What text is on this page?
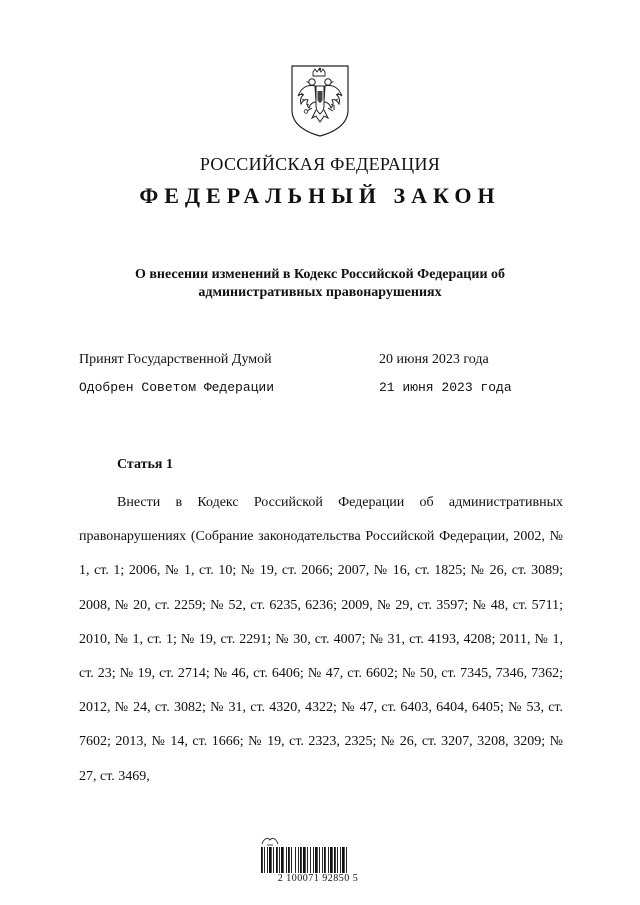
РОССИЙСКАЯ ФЕДЕРАЦИЯ
ФЕДЕРАЛЬНЫЙ ЗАКОН
О внесении изменений в Кодекс Российской Федерации об административных правонарушениях
Принят Государственной Думой	20 июня 2023 года
Одобрен Советом Федерации	21 июня 2023 года
Статья 1

Внести в Кодекс Российской Федерации об административных правонарушениях (Собрание законодательства Российской Федерации, 2002, № 1, ст. 1; 2006, № 1, ст. 10; № 19, ст. 2066; 2007, № 16, ст. 1825; № 26, ст. 3089; 2008, № 20, ст. 2259; № 52, ст. 6235, 6236; 2009, № 29, ст. 3597; № 48, ст. 5711; 2010, № 1, ст. 1; № 19, ст. 2291; № 30, ст. 4007; № 31, ст. 4193, 4208; 2011, № 1, ст. 23; № 19, ст. 2714; № 46, ст. 6406; № 47, ст. 6602; № 50, ст. 7345, 7346, 7362; 2012, № 24, ст. 3082; № 31, ст. 4320, 4322; № 47, ст. 6403, 6404, 6405; № 53, ст. 7602; 2013, № 14, ст. 1666; № 19, ст. 2323, 2325; № 26, ст. 3207, 3208, 3209; № 27, ст. 3469,

2 100071 92850 5
